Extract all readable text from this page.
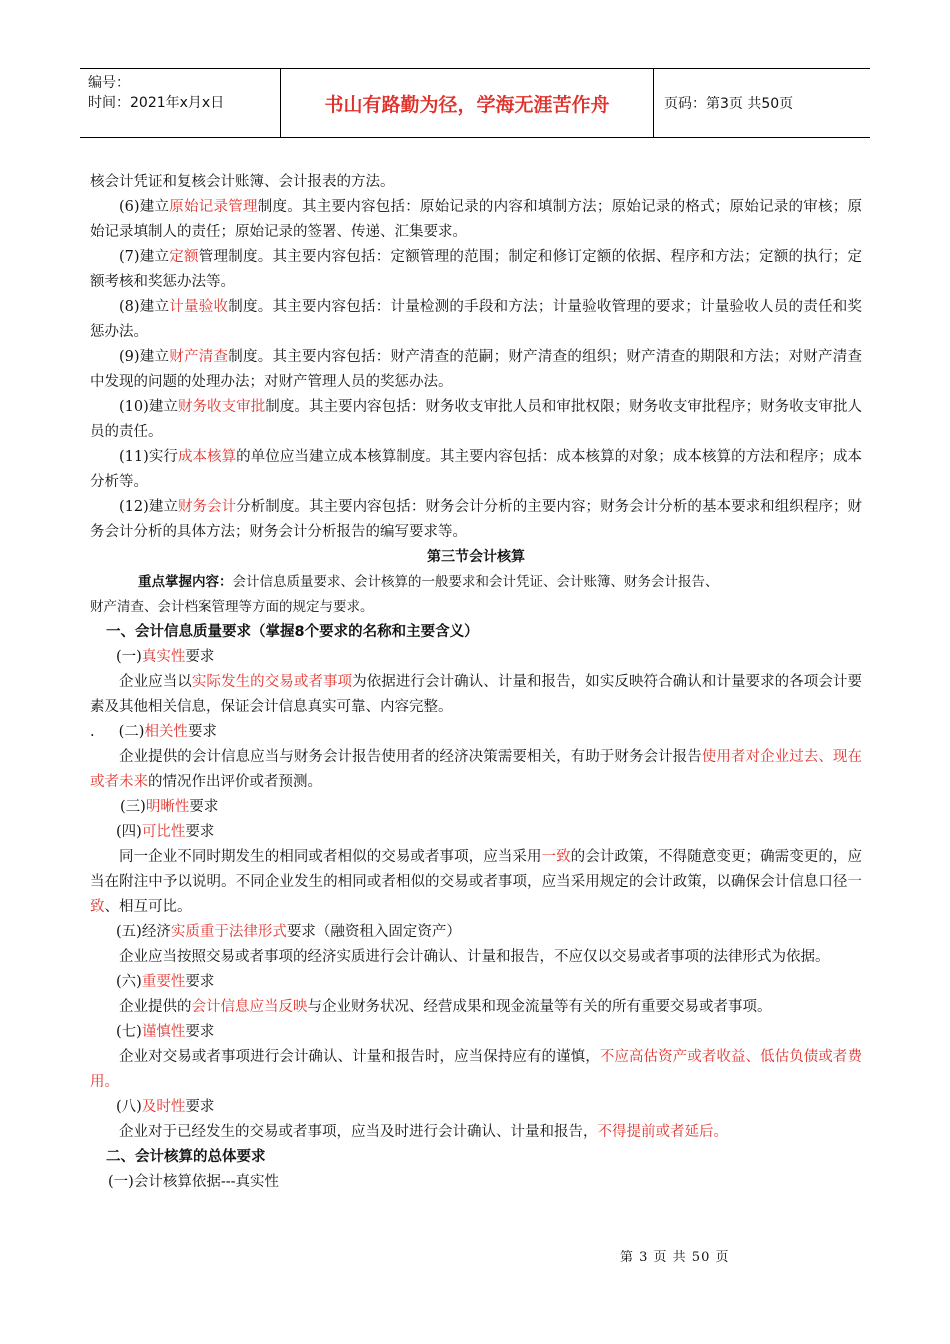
编号：
时间：2021年x月x日	书山有路勤为径，学海无涯苦作舟	页码：第3页 共50页

核会计凭证和复核会计账簿、会计报表的方法。

(6)建立原始记录管理制度。其主要内容包括：原始记录的内容和填制方法；原始记录的格式；原始记录的审核；原始记录填制人的责任；原始记录的签署、传递、汇集要求。

(7)建立定额管理制度。其主要内容包括：定额管理的范围；制定和修订定额的依据、程序和方法；定额的执行；定额考核和奖惩办法等。

(8)建立计量验收制度。其主要内容包括：计量检测的手段和方法；计量验收管理的要求；计量验收人员的责任和奖惩办法。

(9)建立财产清查制度。其主要内容包括：财产清查的范嗣；财产清查的组织；财产清查的期限和方法；对财产清查中发现的问题的处理办法；对财产管理人员的奖惩办法。

(10)建立财务收支审批制度。其主要内容包括：财务收支审批人员和审批权限；财务收支审批程序；财务收支审批人员的责任。

(11)实行成本核算的单位应当建立成本核算制度。其主要内容包括：成本核算的对象；成本核算的方法和程序；成本分析等。

(12)建立财务会计分析制度。其主要内容包括：财务会计分析的主要内容；财务会计分析的基本要求和组织程序；财务会计分析的具体方法；财务会计分析报告的编写要求等。

第三节会计核算

重点掌握内容：会计信息质量要求、会计核算的一般要求和会计凭证、会计账簿、财务会计报告、

财产清查、会计档案管理等方面的规定与要求。

一、会计信息质量要求（掌握8个要求的名称和主要含义）

(一)真实性要求

企业应当以实际发生的交易或者事项为依据进行会计确认、计量和报告，如实反映符合确认和计量要求的各项会计要素及其他相关信息，保证会计信息真实可靠、内容完整。

. (二)相关性要求

企业提供的会计信息应当与财务会计报告使用者的经济决策需要相关，有助于财务会计报告使用者对企业过去、现在或者未来的情况作出评价或者预测。

(三)明晰性要求

(四)可比性要求

同一企业不同时期发生的相同或者相似的交易或者事项，应当采用一致的会计政策，不得随意变更；确需变更的，应当在附注中予以说明。不同企业发生的相同或者相似的交易或者事项，应当采用规定的会计政策，以确保会计信息口径一致、相互可比。

(五)经济实质重于法律形式要求（融资租入固定资产）

企业应当按照交易或者事项的经济实质进行会计确认、计量和报告，不应仅以交易或者事项的法律形式为依据。

(六)重要性要求

企业提供的会计信息应当反映与企业财务状况、经营成果和现金流量等有关的所有重要交易或者事项。

(七)谨慎性要求

企业对交易或者事项进行会计确认、计量和报告时，应当保持应有的谨慎，不应高估资产或者收益、低估负债或者费用。

(八)及时性要求

企业对于已经发生的交易或者事项，应当及时进行会计确认、计量和报告，不得提前或者延后。

二、会计核算的总体要求

(一)会计核算依据---真实性

第 3 页 共 50 页
